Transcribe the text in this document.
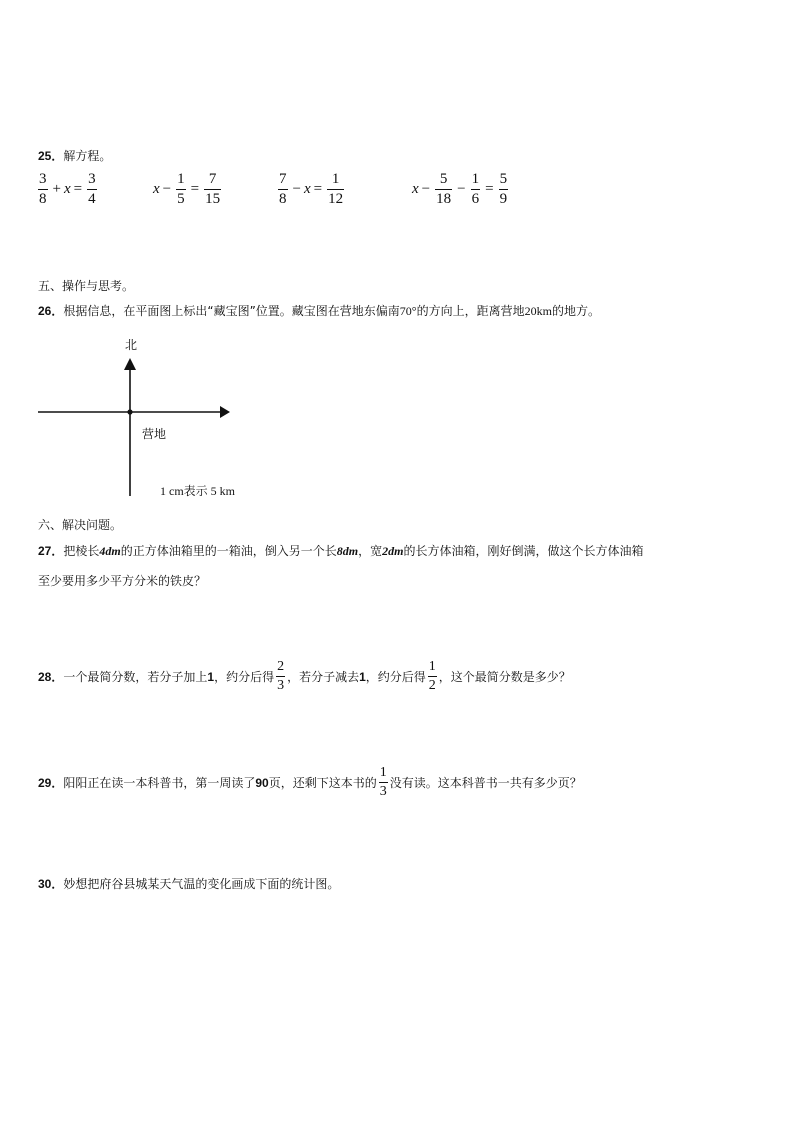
25．解方程。
$\frac{3}{8} + x = \frac{3}{4}$	$x - \frac{1}{5} = \frac{7}{15}$	$\frac{7}{8} - x = \frac{1}{12}$	$x - \frac{5}{18} - \frac{1}{6} = \frac{5}{9}$
五、操作与思考。
26．根据信息，在平面图上标出“藏宝图”位置。藏宝图在营地东偏南70°的方向上，距离营地20km的地方。
北
营地
1 cm表示 5 km
六、解决问题。
27．把棱长4dm的正方体油箱里的一箱油，倒入另一个长8dm，宽2dm的长方体油箱，刚好倒满，做这个长方体油箱
至少要用多少平方分米的铁皮？
28． 一个最简分数，若分子加上 1 ，约分后得 $\frac{2}{3}$ ，若分子减去 1 ，约分后得 $\frac{1}{2}$ ，这个最简分数是多少？
29． 阳阳正在读一本科普书，第一周读了 90 页，还剩下这本书的 $\frac{1}{3}$ 没有读。这本科普书一共有多少页？
30．妙想把府谷县城某天气温的变化画成下面的统计图。
